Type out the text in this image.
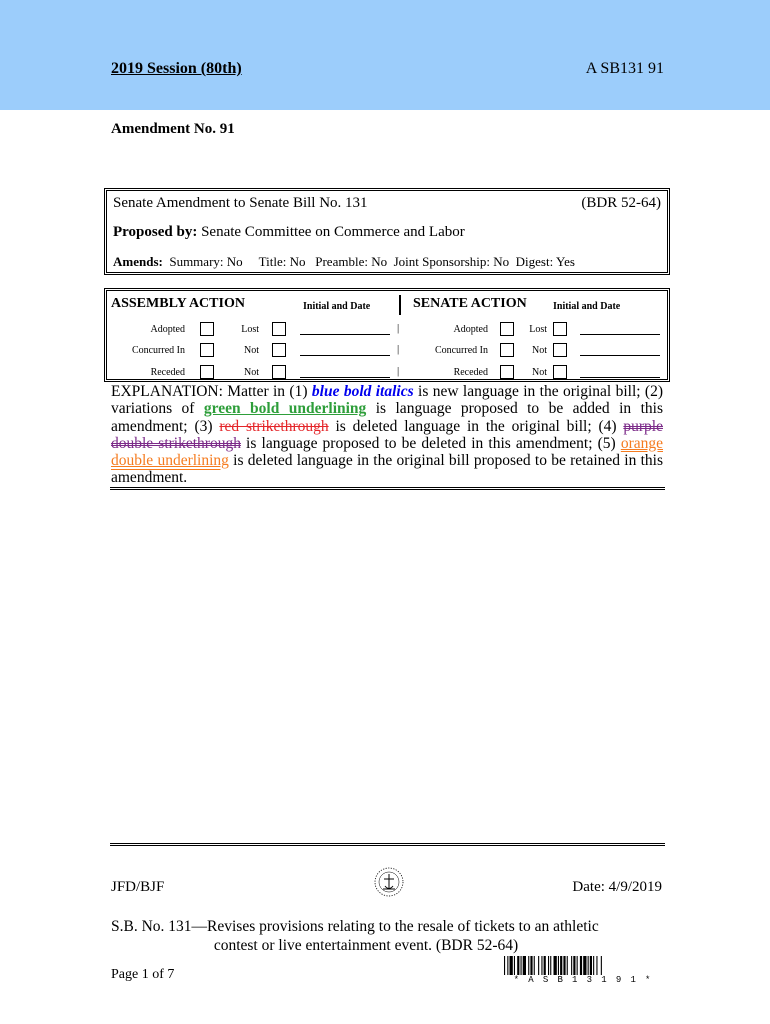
2019 Session (80th)	A SB131 91
Amendment No. 91
Senate Amendment to Senate Bill No. 131	(BDR 52-64)
Proposed by: Senate Committee on Commerce and Labor
Amends:  Summary: No     Title: No   Preamble: No  Joint Sponsorship: No  Digest: Yes
ASSEMBLY ACTION	Initial and Date	SENATE ACTION	Initial and Date
Adopted	Lost	|	Adopted	Lost
Concurred In	Not	|	Concurred In	Not
Receded	Not	|	Receded	Not
EXPLANATION: Matter in (1) blue bold italics is new language in the original bill; (2) variations of green bold underlining is language proposed to be added in this amendment; (3) red strikethrough is deleted language in the original bill; (4) purple double strikethrough is language proposed to be deleted in this amendment; (5) orange double underlining is deleted language in the original bill proposed to be retained in this amendment.
JFD/BJF	Date: 4/9/2019
S.B. No. 131—Revises provisions relating to the resale of tickets to an athletic
contest or live entertainment event. (BDR 52-64)
Page 1 of 7	* A S B 1 3 1 9 1 *
